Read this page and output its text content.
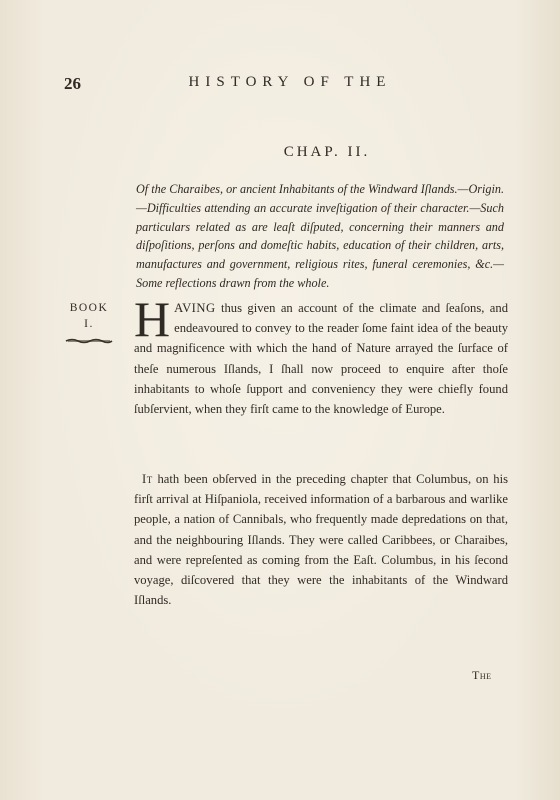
26	HISTORY OF THE
CHAP. II.

Of the Charaibes, or ancient Inhabitants of the Windward Iſlands.—Origin.—Difficulties attending an accurate inveſtigation of their character.—Such particulars related as are leaſt diſputed, concerning their manners and diſpoſitions, perſons and domeſtic habits, education of their children, arts, manufactures and government, religious rites, funeral ceremonies, &c.—Some reflections drawn from the whole.

BOOK
I. HAVING thus given an account of the climate and ſeaſons, and endeavoured to convey to the reader ſome faint idea of the beauty and magnificence with which the hand of Nature arrayed the ſurface of theſe numerous Iſlands, I ſhall now proceed to enquire after thoſe inhabitants to whoſe ſupport and conveniency they were chiefly found ſubſervient, when they firſt came to the knowledge of Europe.

It hath been obſerved in the preceding chapter that Columbus, on his firſt arrival at Hiſpaniola, received information of a barbarous and warlike people, a nation of Cannibals, who frequently made depredations on that, and the neighbouring Iſlands. They were called Caribbees, or Charaibes, and were repreſented as coming from the Eaſt. Columbus, in his ſecond voyage, diſcovered that they were the inhabitants of the Windward Iſlands.

The
